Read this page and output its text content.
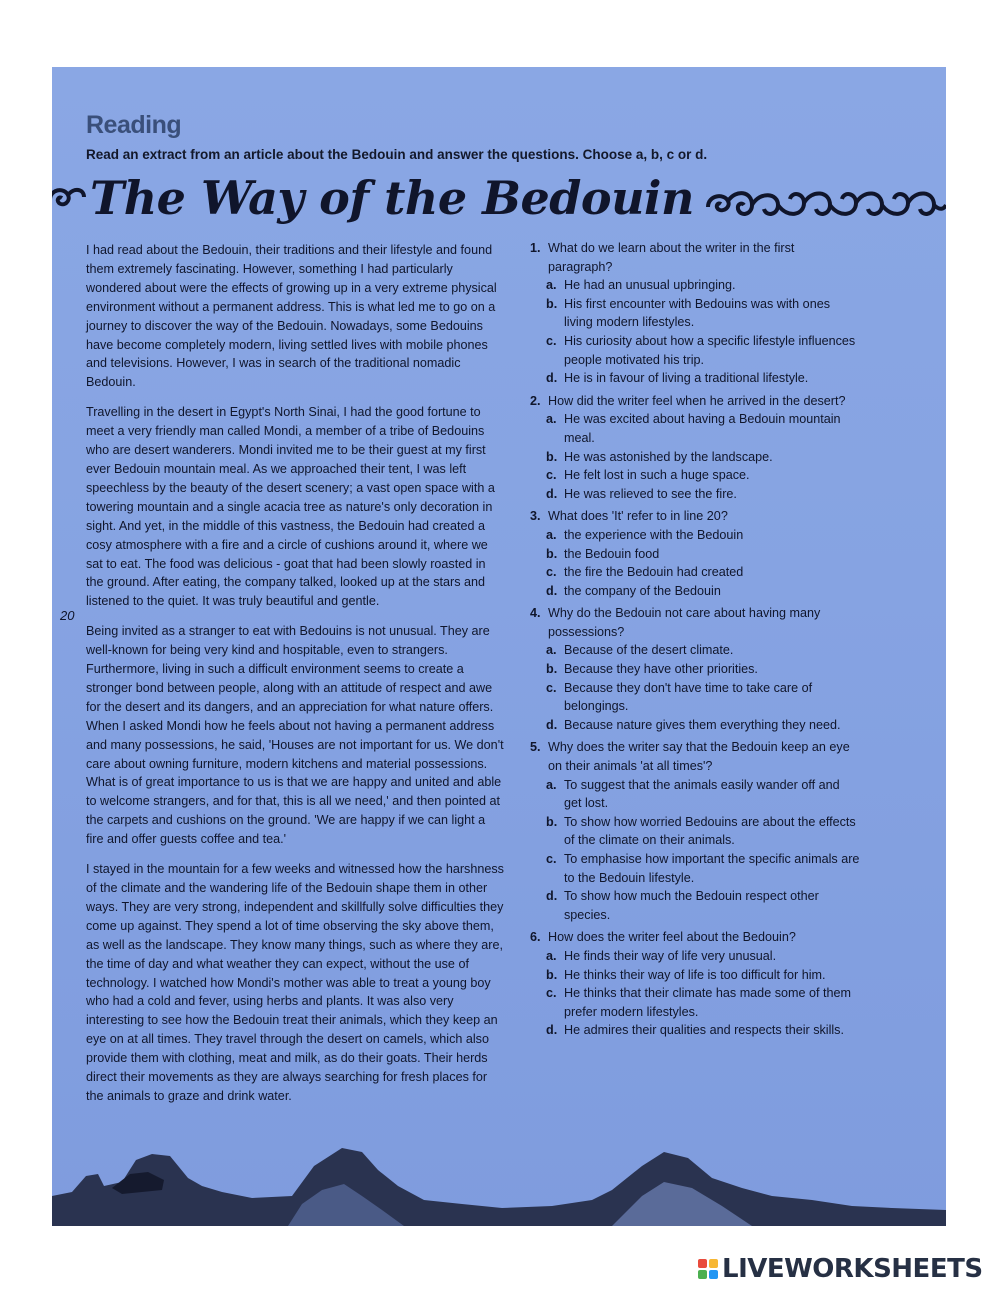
Reading
Read an extract from an article about the Bedouin and answer the questions. Choose a, b, c or d.
The Way of the Bedouin

I had read about the Bedouin, their traditions and their lifestyle and found them extremely fascinating. However, something I had particularly wondered about were the effects of growing up in a very extreme physical environment without a permanent address. This is what led me to go on a journey to discover the way of the Bedouin. Nowadays, some Bedouins have become completely modern, living settled lives with mobile phones and televisions. However, I was in search of the traditional nomadic Bedouin.

Travelling in the desert in Egypt's North Sinai, I had the good fortune to meet a very friendly man called Mondi, a member of a tribe of Bedouins who are desert wanderers. Mondi invited me to be their guest at my first ever Bedouin mountain meal. As we approached their tent, I was left speechless by the beauty of the desert scenery; a vast open space with a towering mountain and a single acacia tree as nature's only decoration in sight. And yet, in the middle of this vastness, the Bedouin had created a cosy atmosphere with a fire and a circle of cushions around it, where we sat to eat. The food was delicious - goat that had been slowly roasted in the ground. After eating, the company talked, looked up at the stars and listened to the quiet. It was truly beautiful and gentle.

Being invited as a stranger to eat with Bedouins is not unusual. They are well-known for being very kind and hospitable, even to strangers. Furthermore, living in such a difficult environment seems to create a stronger bond between people, along with an attitude of respect and awe for the desert and its dangers, and an appreciation for what nature offers. When I asked Mondi how he feels about not having a permanent address and many possessions, he said, 'Houses are not important for us. We don't care about owning furniture, modern kitchens and material possessions. What is of great importance to us is that we are happy and united and able to welcome strangers, and for that, this is all we need,' and then pointed at the carpets and cushions on the ground. 'We are happy if we can light a fire and offer guests coffee and tea.'

I stayed in the mountain for a few weeks and witnessed how the harshness of the climate and the wandering life of the Bedouin shape them in other ways. They are very strong, independent and skillfully solve difficulties they come up against. They spend a lot of time observing the sky above them, as well as the landscape. They know many things, such as where they are, the time of day and what weather they can expect, without the use of technology. I watched how Mondi's mother was able to treat a young boy who had a cold and fever, using herbs and plants. It was also very interesting to see how the Bedouin treat their animals, which they keep an eye on at all times. They travel through the desert on camels, which also provide them with clothing, meat and milk, as do their goats. Their herds direct their movements as they are always searching for fresh places for the animals to graze and drink water.

20
1. What do we learn about the writer in the first paragraph?
a. He had an unusual upbringing.
b. His first encounter with Bedouins was with ones living modern lifestyles.
c. His curiosity about how a specific lifestyle influences people motivated his trip.
d. He is in favour of living a traditional lifestyle.
2. How did the writer feel when he arrived in the desert?
a. He was excited about having a Bedouin mountain meal.
b. He was astonished by the landscape.
c. He felt lost in such a huge space.
d. He was relieved to see the fire.
3. What does 'It' refer to in line 20?
a. the experience with the Bedouin
b. the Bedouin food
c. the fire the Bedouin had created
d. the company of the Bedouin
4. Why do the Bedouin not care about having many possessions?
a. Because of the desert climate.
b. Because they have other priorities.
c. Because they don't have time to take care of belongings.
d. Because nature gives them everything they need.
5. Why does the writer say that the Bedouin keep an eye on their animals 'at all times'?
a. To suggest that the animals easily wander off and get lost.
b. To show how worried Bedouins are about the effects of the climate on their animals.
c. To emphasise how important the specific animals are to the Bedouin lifestyle.
d. To show how much the Bedouin respect other species.
6. How does the writer feel about the Bedouin?
a. He finds their way of life very unusual.
b. He thinks their way of life is too difficult for him.
c. He thinks that their climate has made some of them prefer modern lifestyles.
d. He admires their qualities and respects their skills.
LIVEWORKSHEETS
